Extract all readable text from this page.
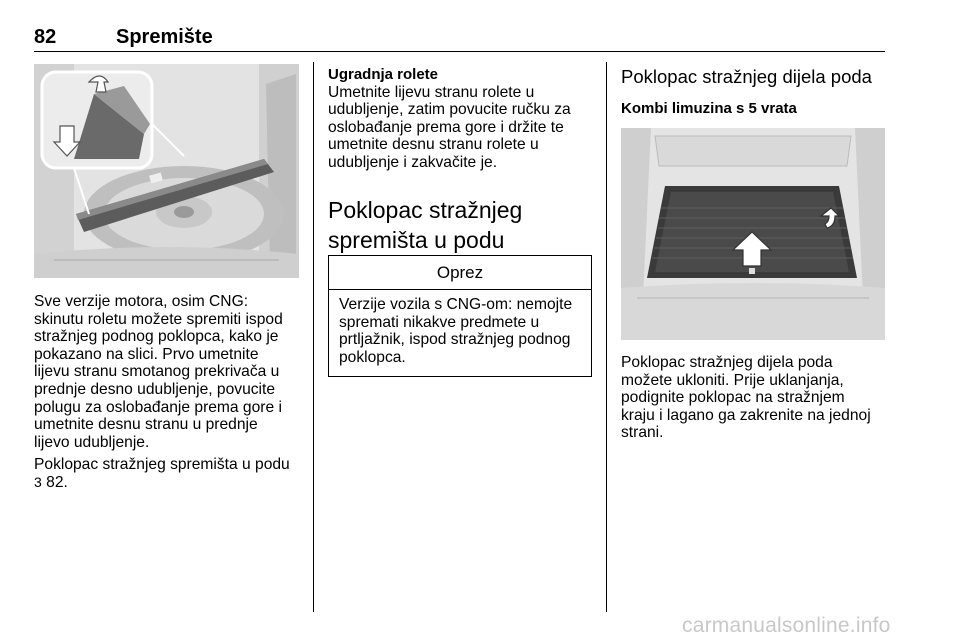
82	Spremište

Sve verzije motora, osim CNG:

skinutu roletu možete spremiti ispod

stražnjeg podnog poklopca, kako je

pokazano na slici. Prvo umetnite

lijevu stranu smotanog prekrivača u

prednje desno udubljenje, povucite

polugu za oslobađanje prema gore i

umetnite desnu stranu u prednje

lijevo udubljenje.

Poklopac stražnjeg spremišta u podu

3 82.

Ugradnja rolete

Umetnite lijevu stranu rolete u

udubljenje, zatim povucite ručku za

oslobađanje prema gore i držite te

umetnite desnu stranu rolete u

udubljenje i zakvačite je.

Poklopac stražnjeg

spremišta u podu

Oprez

Verzije vozila s CNG-om: nemojte

spremati nikakve predmete u

prtljažnik, ispod stražnjeg podnog

poklopca.

Poklopac stražnjeg dijela poda

Kombi limuzina s 5 vrata

Poklopac stražnjeg dijela poda

možete ukloniti. Prije uklanjanja,

podignite poklopac na stražnjem

kraju i lagano ga zakrenite na jednoj

strani.

carmanualsonline.info
